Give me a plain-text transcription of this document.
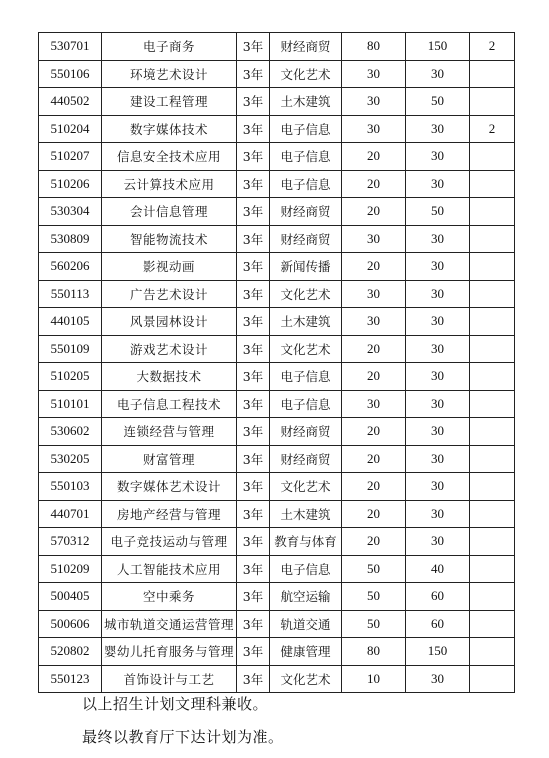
530701	电子商务	3年	财经商贸	80	150	2
550106	环境艺术设计	3年	文化艺术	30	30	
440502	建设工程管理	3年	土木建筑	30	50	
510204	数字媒体技术	3年	电子信息	30	30	2
510207	信息安全技术应用	3年	电子信息	20	30	
510206	云计算技术应用	3年	电子信息	20	30	
530304	会计信息管理	3年	财经商贸	20	50	
530809	智能物流技术	3年	财经商贸	30	30	
560206	影视动画	3年	新闻传播	20	30	
550113	广告艺术设计	3年	文化艺术	30	30	
440105	风景园林设计	3年	土木建筑	30	30	
550109	游戏艺术设计	3年	文化艺术	20	30	
510205	大数据技术	3年	电子信息	20	30	
510101	电子信息工程技术	3年	电子信息	30	30	
530602	连锁经营与管理	3年	财经商贸	20	30	
530205	财富管理	3年	财经商贸	20	30	
550103	数字媒体艺术设计	3年	文化艺术	20	30	
440701	房地产经营与管理	3年	土木建筑	20	30	
570312	电子竞技运动与管理	3年	教育与体育	20	30	
510209	人工智能技术应用	3年	电子信息	50	40	
500405	空中乘务	3年	航空运输	50	60	
500606	城市轨道交通运营管理	3年	轨道交通	50	60	
520802	婴幼儿托育服务与管理	3年	健康管理	80	150	
550123	首饰设计与工艺	3年	文化艺术	10	30	

以上招生计划文理科兼收。

最终以教育厅下达计划为准。
